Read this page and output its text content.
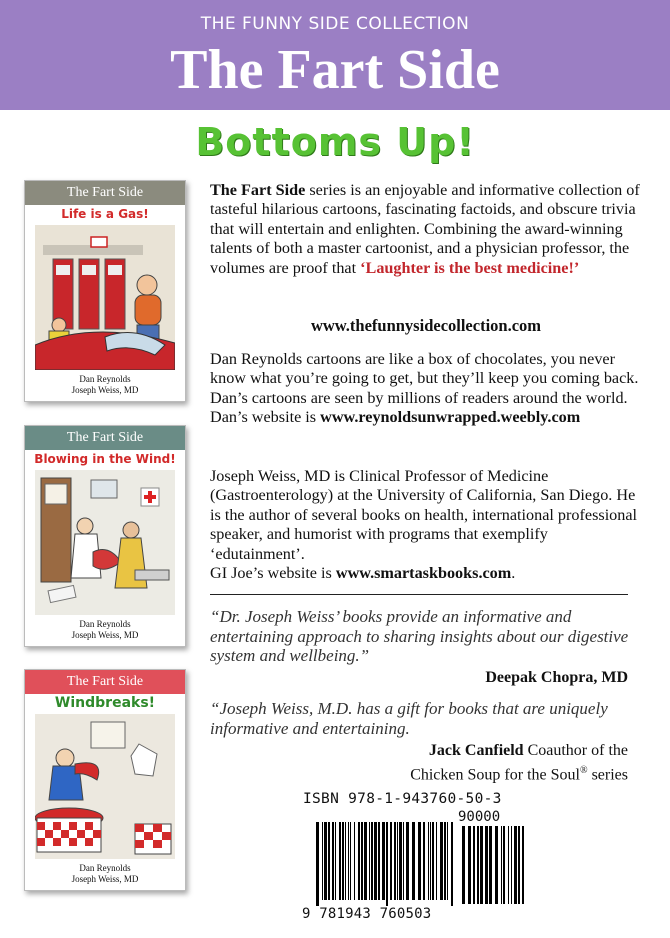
THE FUNNY SIDE COLLECTION
The Fart Side
Bottoms Up!
The Fart Side
Life is a Gas!
Dan Reynolds
Joseph Weiss, MD
The Fart Side
Blowing in the Wind!
Dan Reynolds
Joseph Weiss, MD
The Fart Side
Windbreaks!
Dan Reynolds
Joseph Weiss, MD

The Fart Side series is an enjoyable and informative collection of tasteful hilarious cartoons, fascinating factoids, and obscure trivia that will entertain and enlighten. Combining the award-winning talents of both a master cartoonist, and a physician professor, the volumes are proof that ‘Laughter is the best medicine!’

www.thefunnysidecollection.com

Dan Reynolds cartoons are like a box of chocolates, you never know what you’re going to get, but they’ll keep you coming back. Dan’s cartoons are seen by millions of readers around the world.
Dan’s website is www.reynoldsunwrapped.weebly.com

Joseph Weiss, MD is Clinical Professor of Medicine (Gastroenterology) at the University of California, San Diego. He is the author of several books on health, international professional speaker, and humorist with programs that exemplify ‘edutainment’.
GI Joe’s website is www.smartaskbooks.com.

“Dr. Joseph Weiss’ books provide an informative and entertaining approach to sharing insights about our digestive system and wellbeing.”
Deepak Chopra, MD
“Joseph Weiss, M.D. has a gift for books that are uniquely informative and entertaining.
Jack Canfield Coauthor of the
Chicken Soup for the Soul® series
ISBN 978-1-943760-50-3
90000
9 781943 760503
